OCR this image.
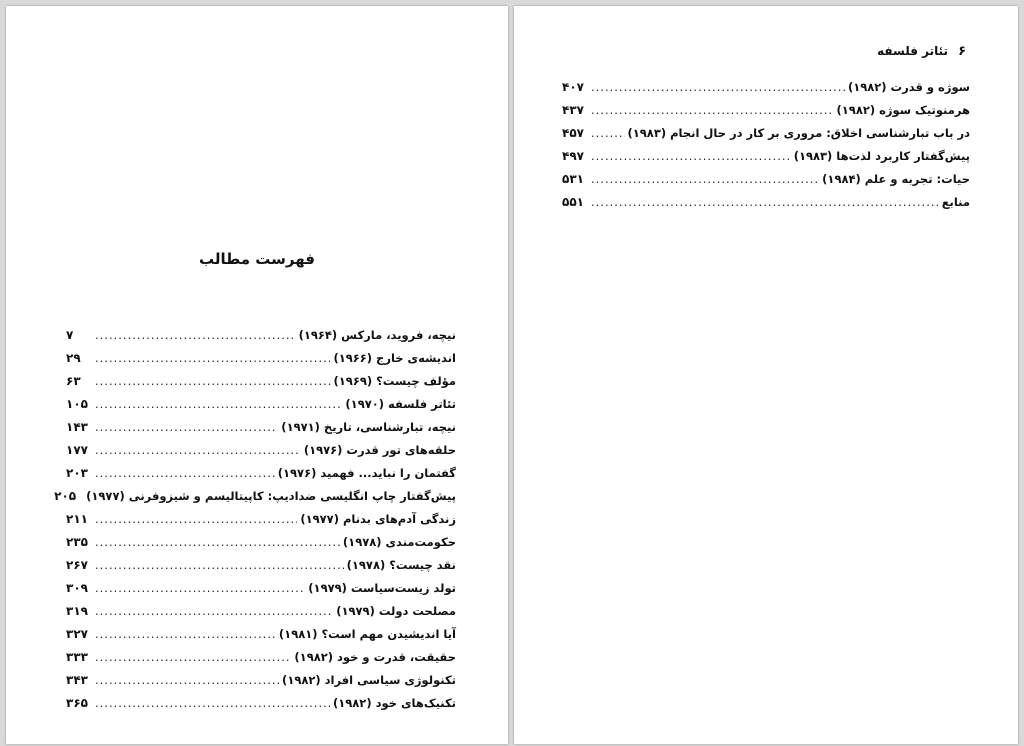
فهرست مطالب
نیچه، فروید، مارکس (۱۹۶۴)
.....
۷
اندیشه‌ی خارج (۱۹۶۶)
.....
۲۹
مؤلف چیست؟ (۱۹۶۹)
.....
۶۳
تئاتر فلسفه (۱۹۷۰)
.....
۱۰۵
نیچه، تبارشناسی، تاریخ (۱۹۷۱)
.....
۱۴۳
حلقه‌های تور قدرت (۱۹۷۶)
.....
۱۷۷
گفتمان را نباید... فهمید (۱۹۷۶)
.....
۲۰۳
پیش‌گفتار چاپ انگلیسی ضد‌ادیپ: کاپیتالیسم و شیزوفرنی (۱۹۷۷)
۲۰۵
زندگی آدم‌های بدنام (۱۹۷۷)
.....
۲۱۱
حکومت‌مندی (۱۹۷۸)
.....
۲۳۵
نقد چیست؟ (۱۹۷۸)
.....
۲۶۷
تولد زیست‌سیاست (۱۹۷۹)
.....
۳۰۹
مصلحت دولت (۱۹۷۹)
.....
۳۱۹
آیا اندیشیدن مهم است؟ (۱۹۸۱)
.....
۳۲۷
حقیقت، قدرت و خود (۱۹۸۲)
.....
۳۳۳
تکنولوژی سیاسی افراد (۱۹۸۲)
.....
۳۴۳
تکنیک‌های خود (۱۹۸۲)
.....
۳۶۵
۶
تئاتر فلسفه
سوژه و قدرت (۱۹۸۲)
.....
۴۰۷
هرمنوتیک سوژه (۱۹۸۲)
.....
۴۳۷
در باب تبارشناسی اخلاق: مروری بر کار در حال انجام (۱۹۸۳)
.....
۴۵۷
پیش‌گفتار کاربرد لذت‌ها (۱۹۸۳)
.....
۴۹۷
حیات: تجربه و علم (۱۹۸۴)
.....
۵۳۱
منابع
.....
۵۵۱
